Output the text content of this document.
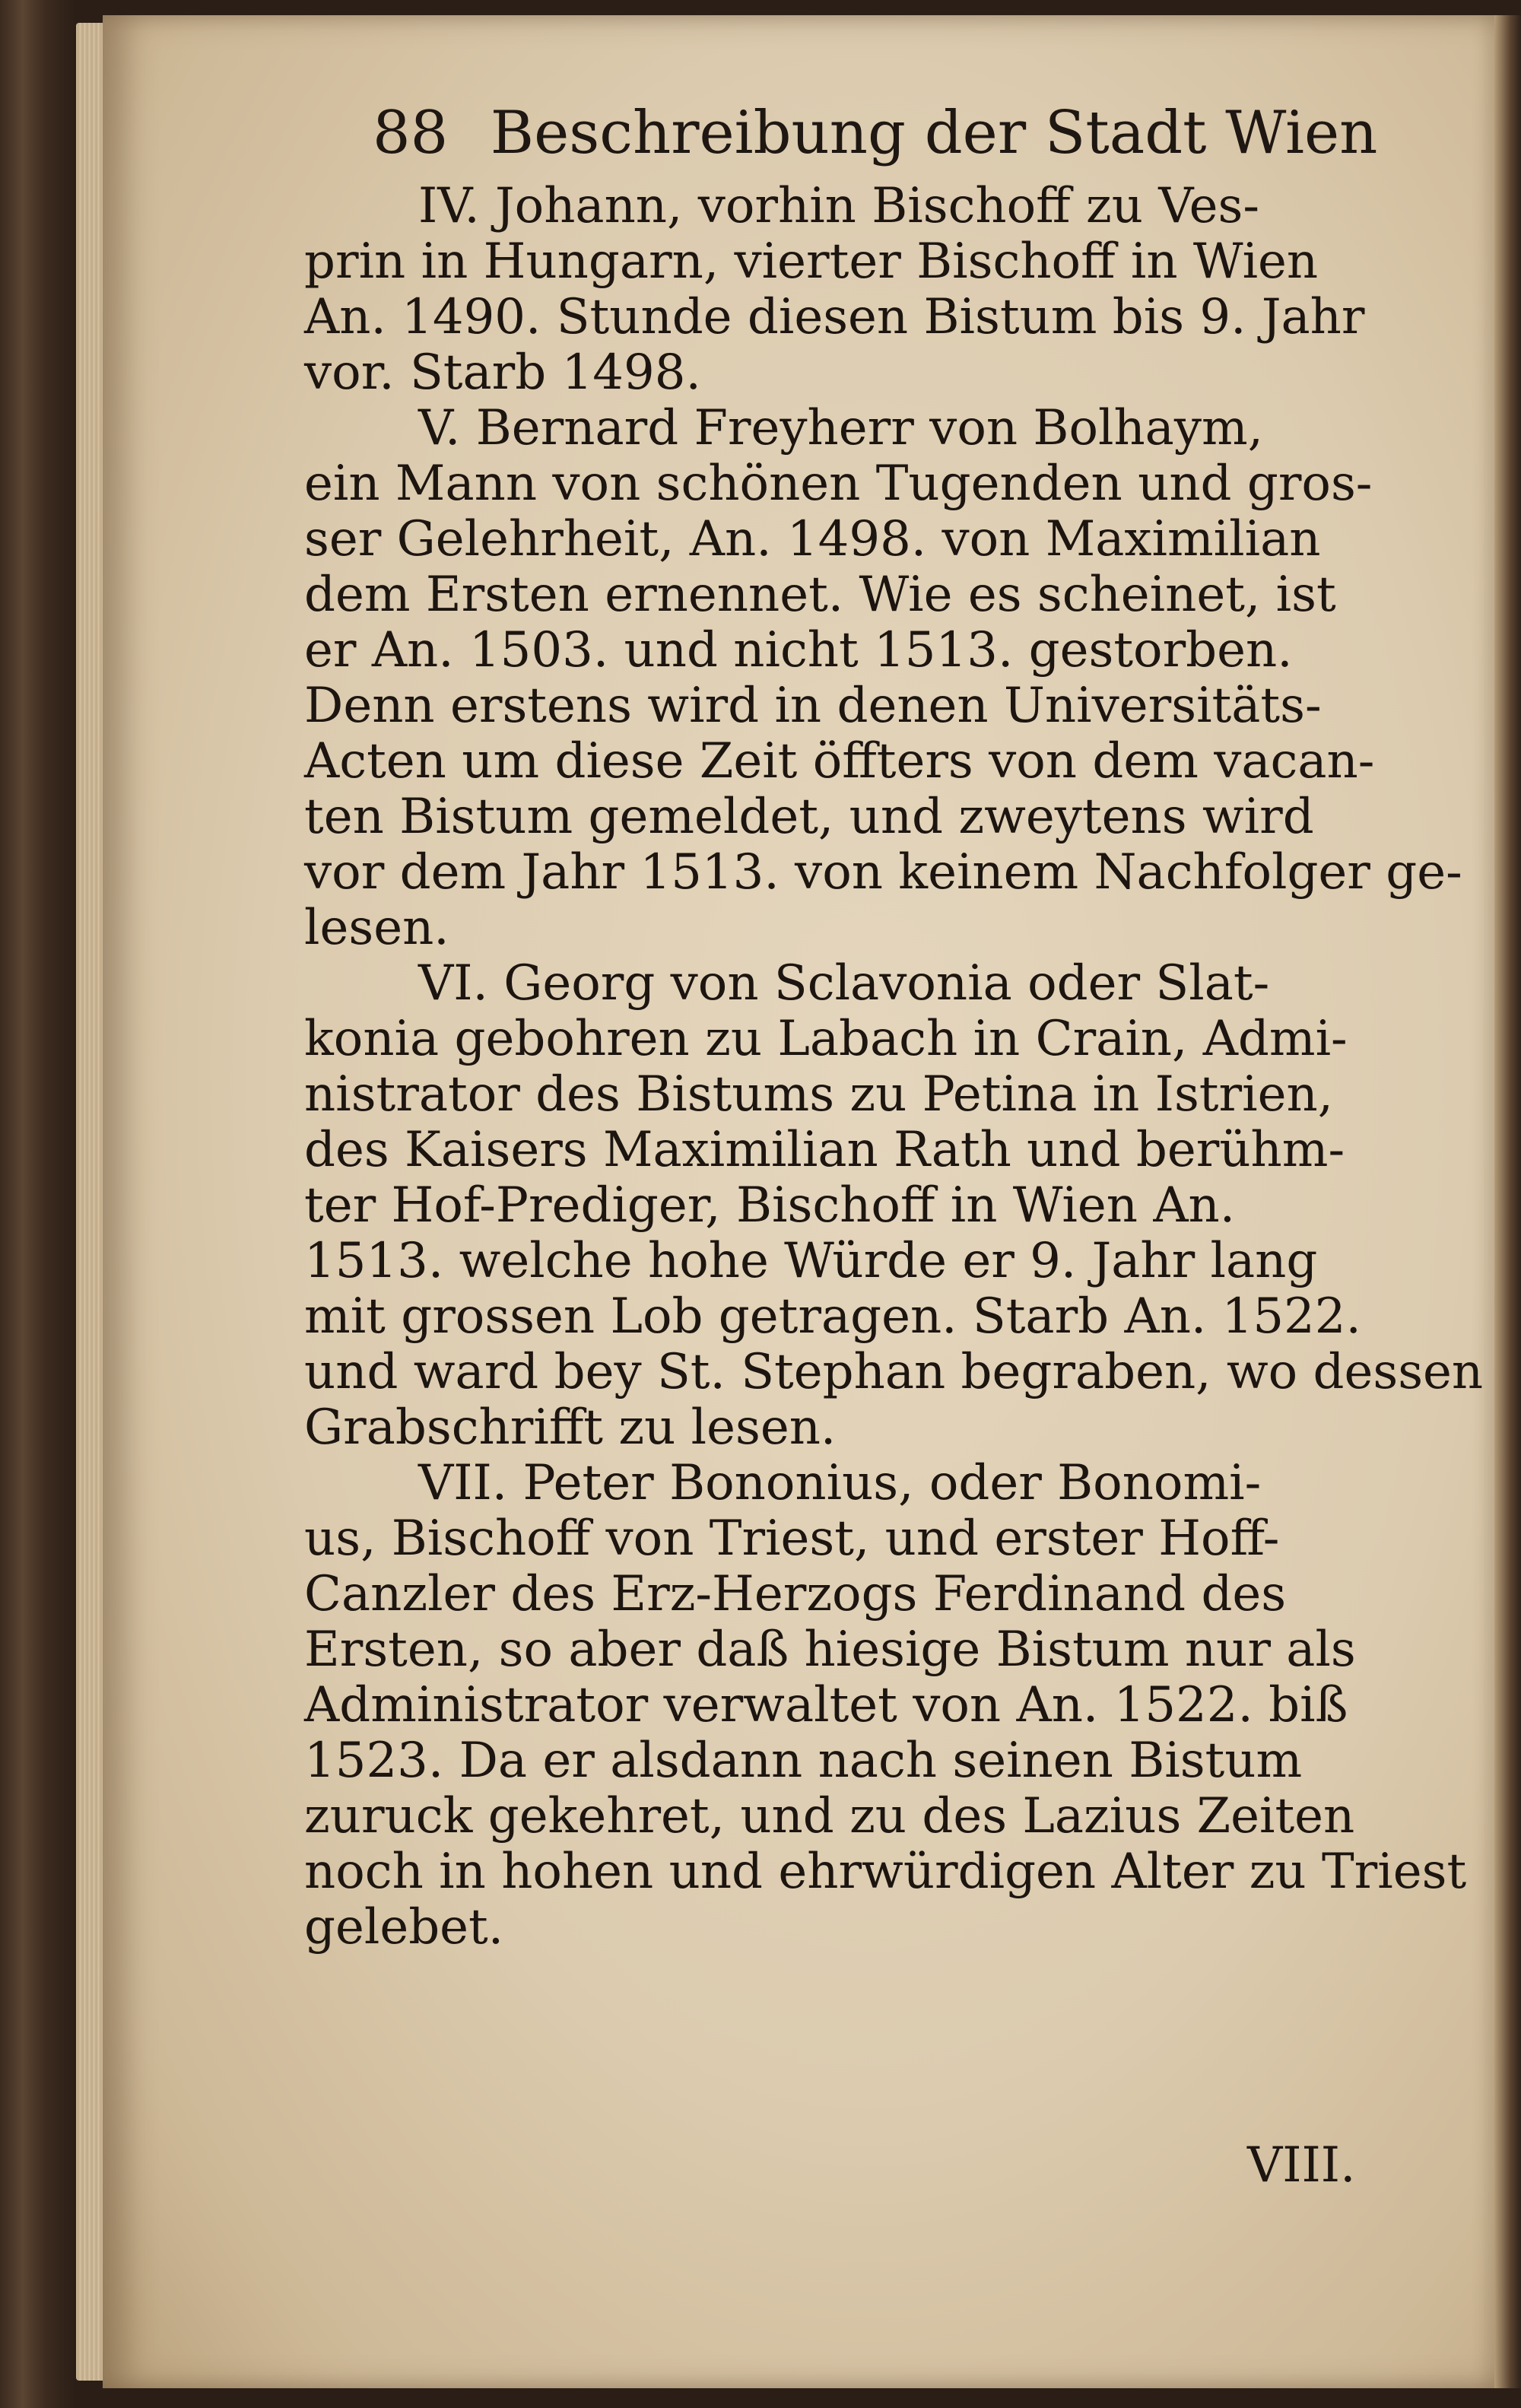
88 Beschreibung der Stadt Wien
IV. Johann, vorhin Bischoff zu Ves-
prin in Hungarn, vierter Bischoff in Wien
An. 1490. Stunde diesen Bistum bis 9. Jahr
vor. Starb 1498.
V. Bernard Freyherr von Bolhaym,
ein Mann von schönen Tugenden und gros-
ser Gelehrheit, An. 1498. von Maximilian
dem Ersten ernennet. Wie es scheinet, ist
er An. 1503. und nicht 1513. gestorben.
Denn erstens wird in denen Universitäts-
Acten um diese Zeit öffters von dem vacan-
ten Bistum gemeldet, und zweytens wird
vor dem Jahr 1513. von keinem Nachfolger ge-
lesen.
VI. Georg von Sclavonia oder Slat-
konia gebohren zu Labach in Crain, Admi-
nistrator des Bistums zu Petina in Istrien,
des Kaisers Maximilian Rath und berühm-
ter Hof-Prediger, Bischoff in Wien An.
1513. welche hohe Würde er 9. Jahr lang
mit grossen Lob getragen. Starb An. 1522.
und ward bey St. Stephan begraben, wo dessen
Grabschrifft zu lesen.
VII. Peter Bononius, oder Bonomi-
us, Bischoff von Triest, und erster Hoff-
Canzler des Erz-Herzogs Ferdinand des
Ersten, so aber daß hiesige Bistum nur als
Administrator verwaltet von An. 1522. biß
1523. Da er alsdann nach seinen Bistum
zuruck gekehret, und zu des Lazius Zeiten
noch in hohen und ehrwürdigen Alter zu Triest
gelebet.
VIII.
